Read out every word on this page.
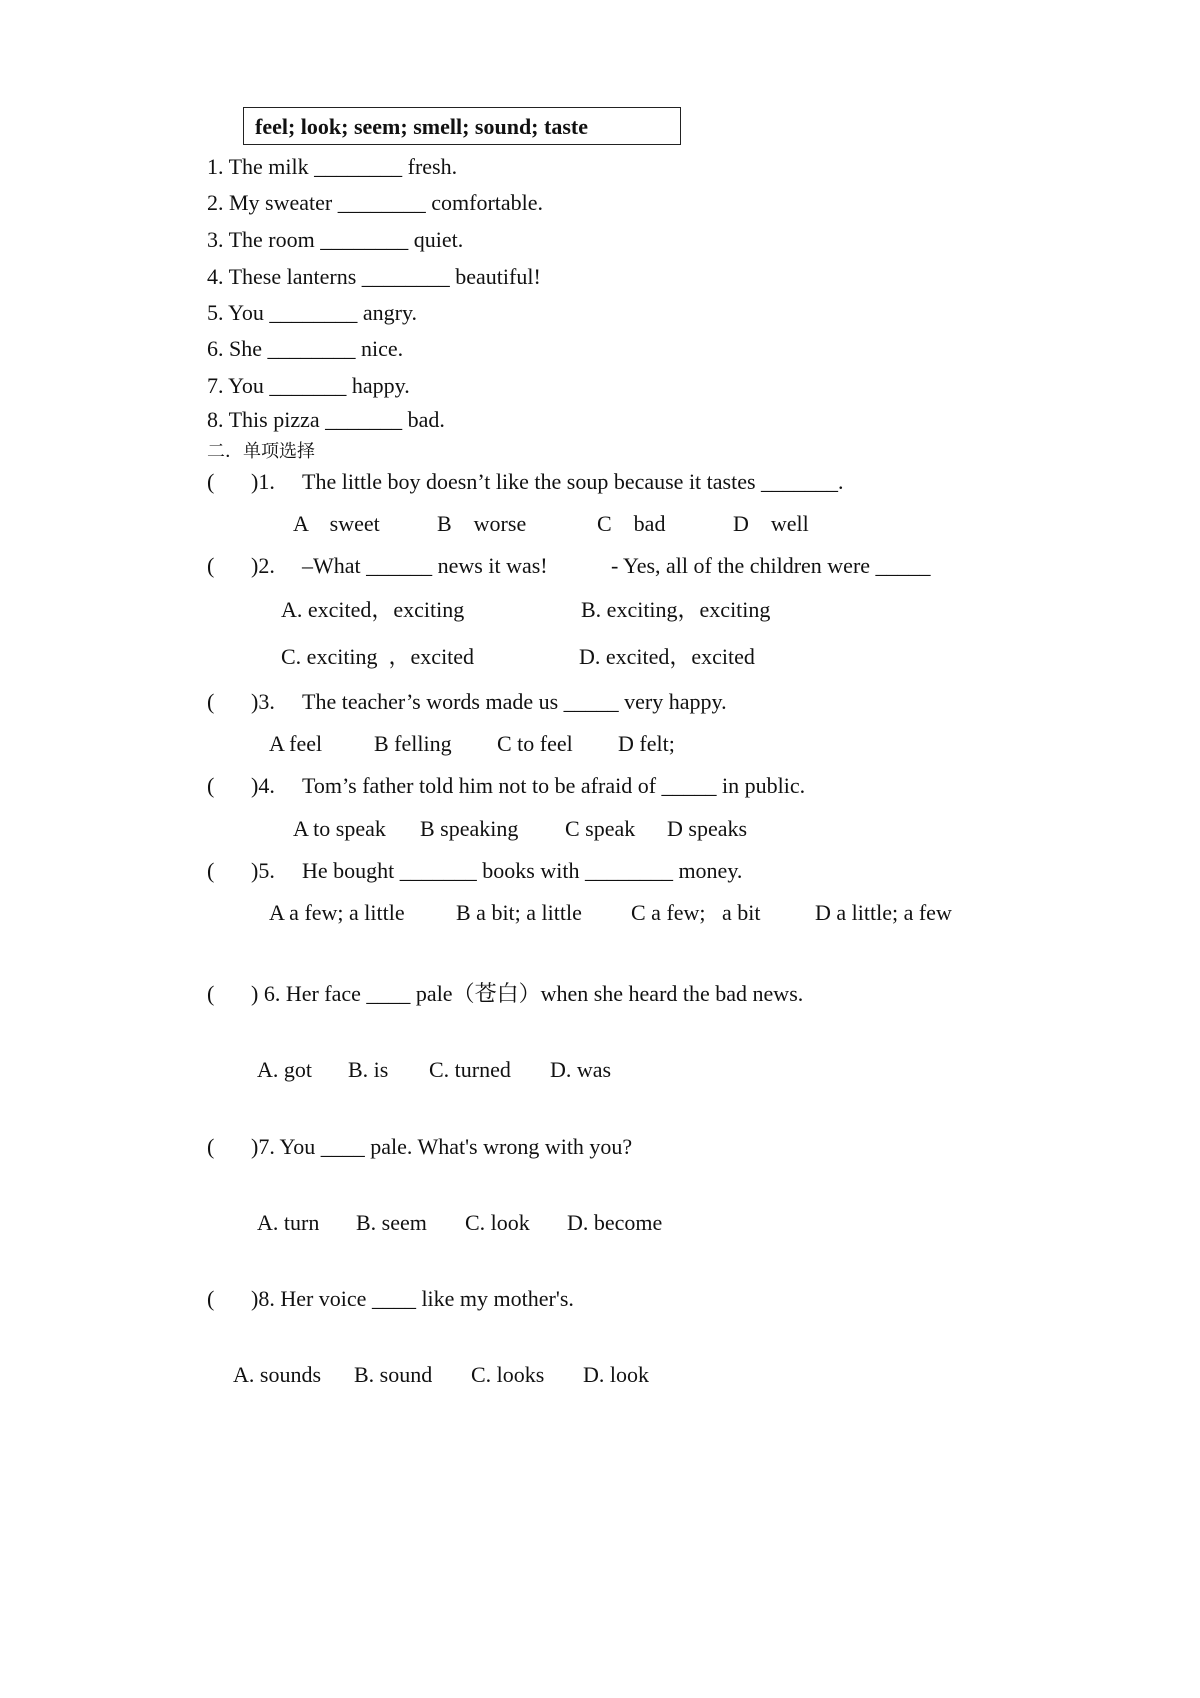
feel; look; seem; smell; sound; taste
1. The milk ________ fresh.
2. My sweater ________ comfortable.
3. The room ________ quiet.
4. These lanterns ________ beautiful!
5. You ________ angry.
6. She ________ nice.
7. You _______ happy.
8. This pizza _______ bad.
二．单项选择
( )1. The little boy doesn’t like the soup because it tastes _______.
A    sweet	B    worse	C    bad	D    well
( )2. –What ______ news it was!	- Yes, all of the children were _____
A. excited，exciting	B. exciting，exciting
C. exciting  ，excited	D. excited，excited
( )3. The teacher’s words made us _____ very happy.
A feel B felling C to feel D felt;
( )4. Tom’s father told him not to be afraid of _____ in public.
A to speak B speaking C speak D speaks
( )5. He bought _______ books with ________ money.
A a few; a little B a bit; a little C a few;   a bit D a little; a few
( ) 6. Her face ____ pale（苍白）when she heard the bad news.
A. got B. is C. turned D. was
( )7. You ____ pale. What's wrong with you?
A. turn B. seem C. look D. become
( )8. Her voice ____ like my mother's.
A. sounds B. sound C. looks D. look
